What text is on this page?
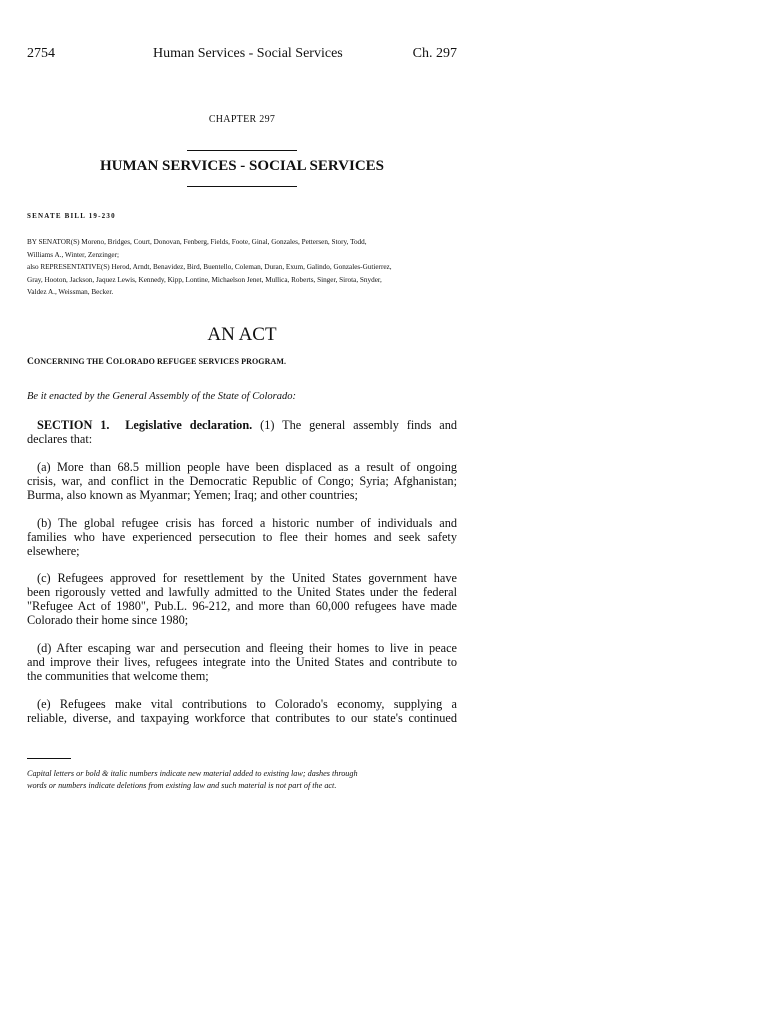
2754	Human Services - Social Services	Ch. 297
CHAPTER 297
HUMAN SERVICES - SOCIAL SERVICES
SENATE BILL 19-230
BY SENATOR(S) Moreno, Bridges, Court, Donovan, Fenberg, Fields, Foote, Ginal, Gonzales, Pettersen, Story, Todd,
Williams A., Winter, Zenzinger;
also REPRESENTATIVE(S) Herod, Arndt, Benavidez, Bird, Buentello, Coleman, Duran, Exum, Galindo, Gonzales-Gutierrez,
Gray, Hooton, Jackson, Jaquez Lewis, Kennedy, Kipp, Lontine, Michaelson Jenet, Mullica, Roberts, Singer, Sirota, Snyder,
Valdez A., Weissman, Becker.
AN ACT
CONCERNING THE COLORADO REFUGEE SERVICES PROGRAM.
Be it enacted by the General Assembly of the State of Colorado:
SECTION 1. Legislative declaration. (1) The general assembly finds and
declares that:
(a) More than 68.5 million people have been displaced as a result of ongoing
crisis, war, and conflict in the Democratic Republic of Congo; Syria; Afghanistan;
Burma, also known as Myanmar; Yemen; Iraq; and other countries;
(b) The global refugee crisis has forced a historic number of individuals and
families who have experienced persecution to flee their homes and seek safety
elsewhere;
(c) Refugees approved for resettlement by the United States government have
been rigorously vetted and lawfully admitted to the United States under the federal
"Refugee Act of 1980", Pub.L. 96-212, and more than 60,000 refugees have made
Colorado their home since 1980;
(d) After escaping war and persecution and fleeing their homes to live in peace
and improve their lives, refugees integrate into the United States and contribute to
the communities that welcome them;
(e) Refugees make vital contributions to Colorado's economy, supplying a
reliable, diverse, and taxpaying workforce that contributes to our state's continued
Capital letters or bold & italic numbers indicate new material added to existing law; dashes through
words or numbers indicate deletions from existing law and such material is not part of the act.
